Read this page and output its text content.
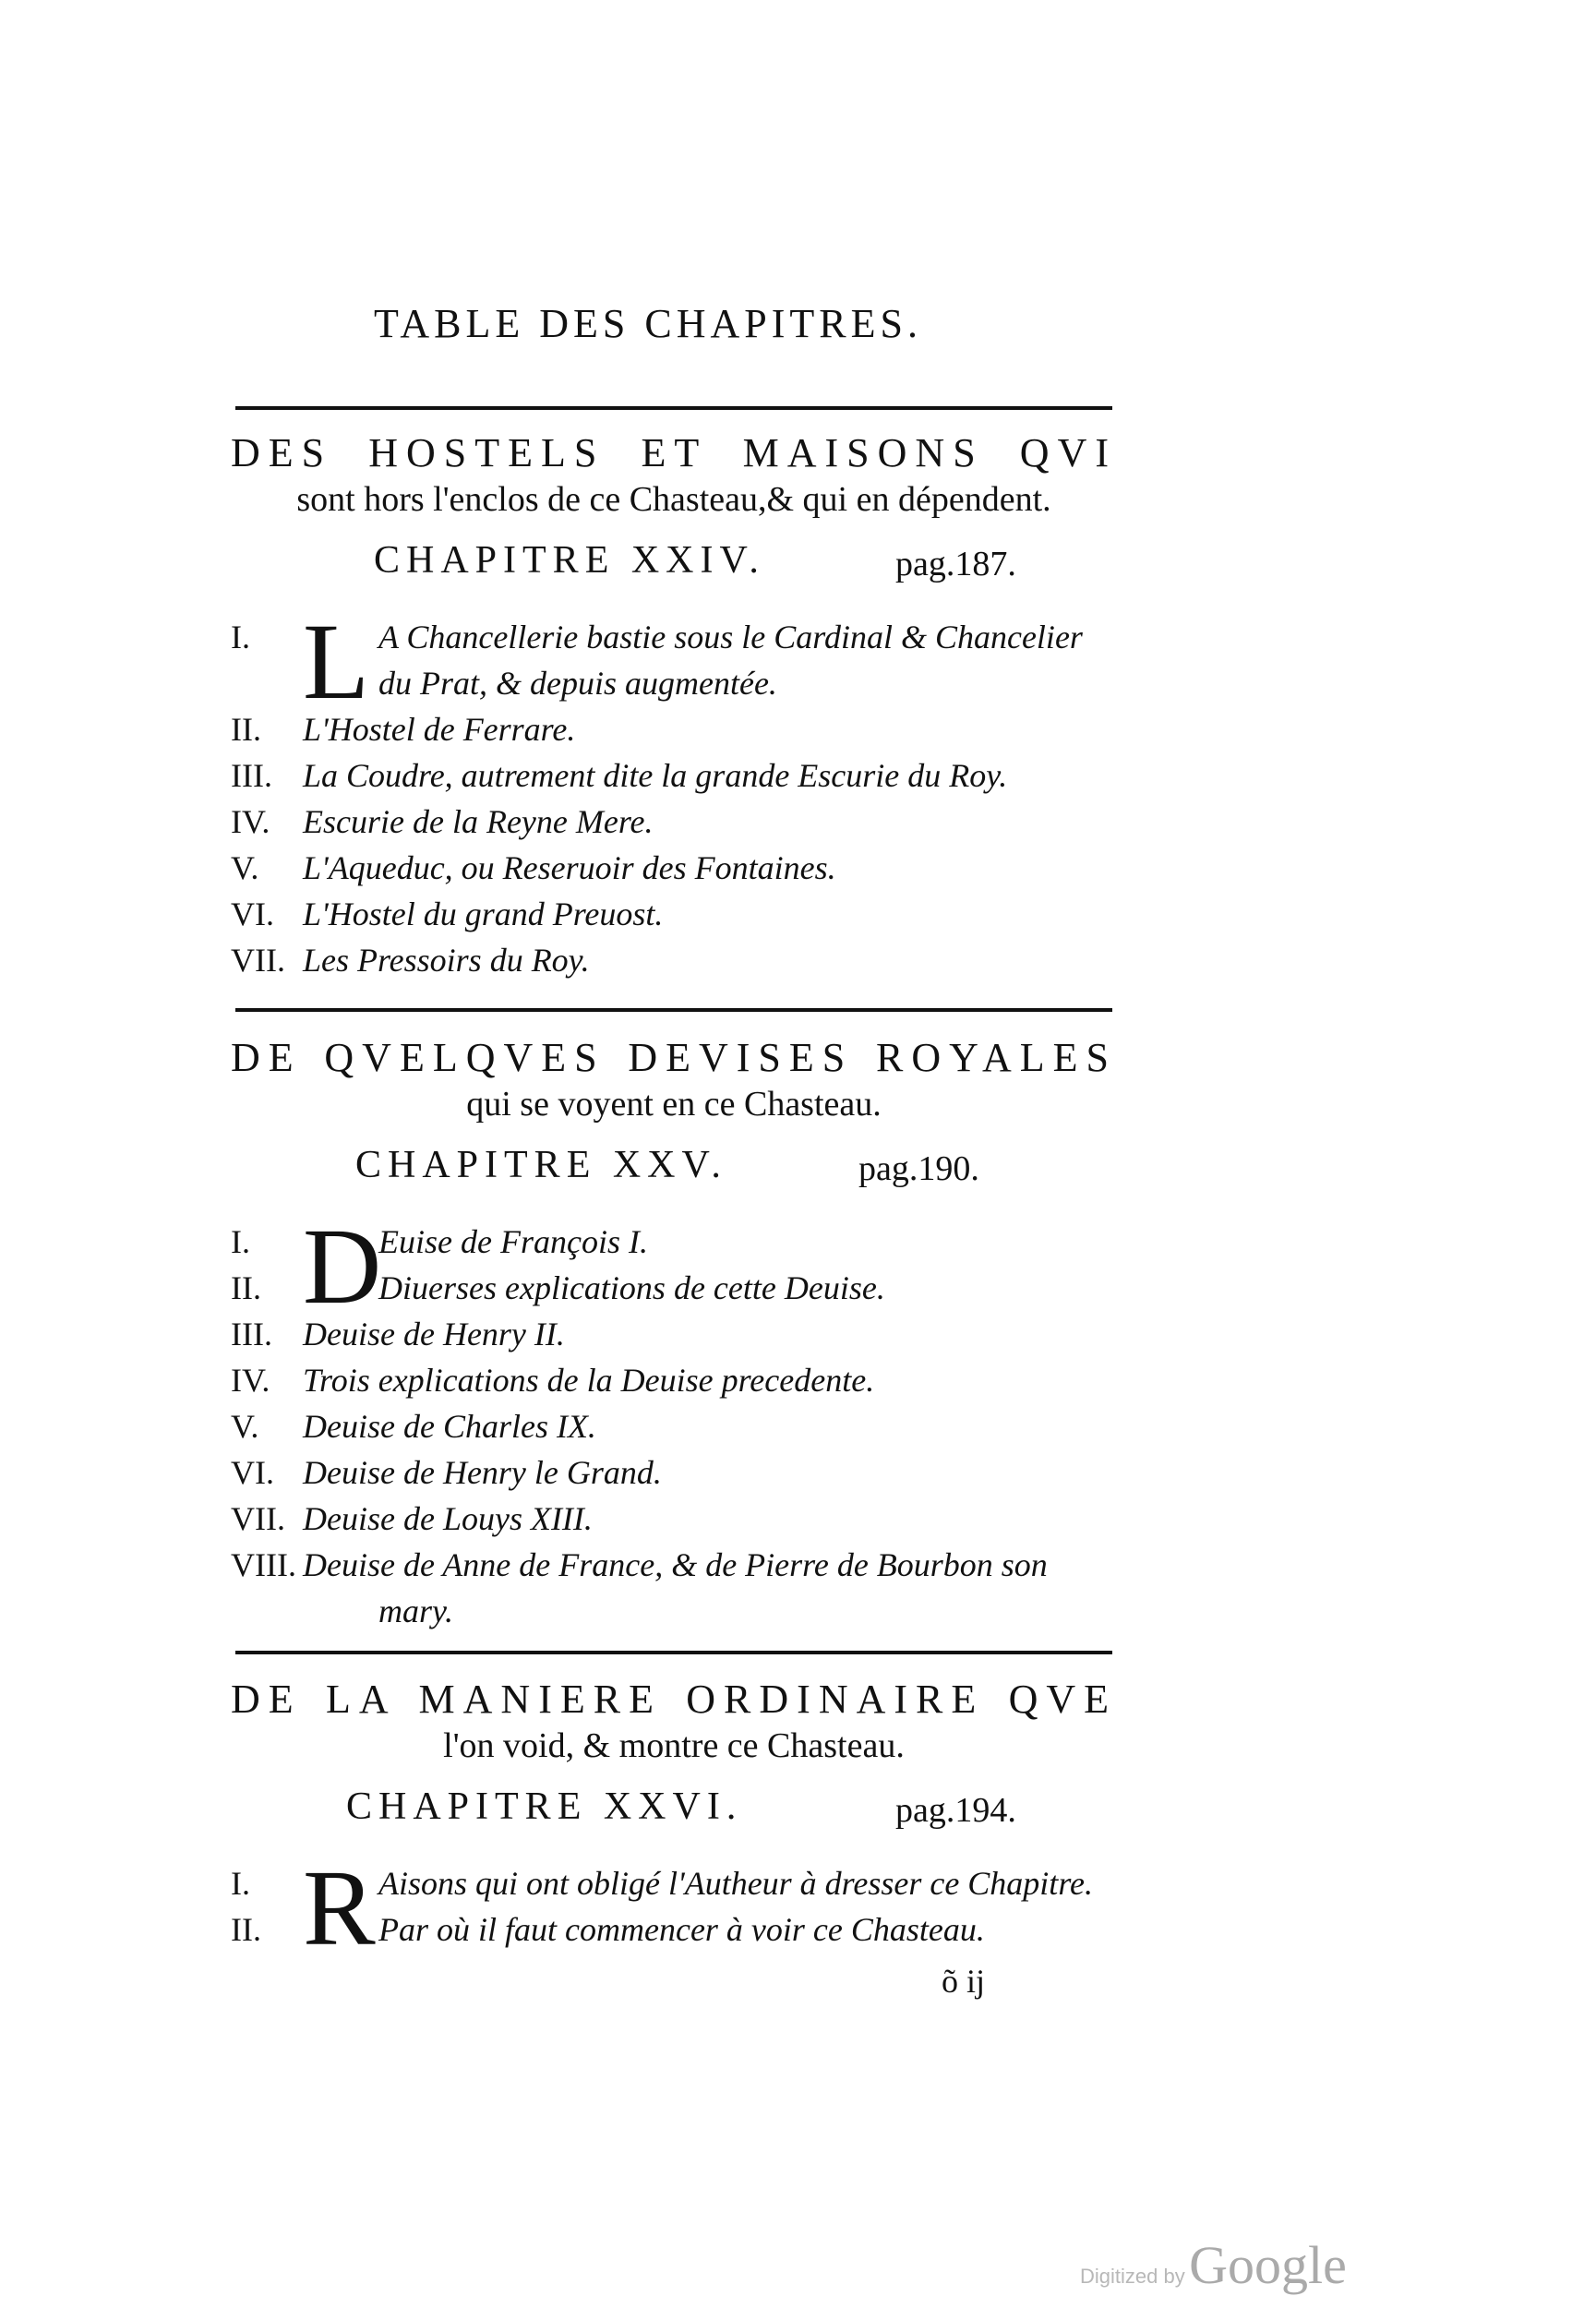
TABLE DES CHAPITRES.

DES HOSTELS ET MAISONS QVI

sont hors l'enclos de ce Chasteau,& qui en dépendent.

CHAPITRE XXIV.	pag.187.
L
I.	A Chancellerie bastie sous le Cardinal & Chancelier
du Prat, & depuis augmentée.
II. L'Hostel de Ferrare.
III. La Coudre, autrement dite la grande Escurie du Roy.
IV. Escurie de la Reyne Mere.
V. L'Aqueduc, ou Reseruoir des Fontaines.
VI. L'Hostel du grand Preuost.
VII. Les Pressoirs du Roy.

DE QVELQVES DEVISES ROYALES

qui se voyent en ce Chasteau.

CHAPITRE XXV.	pag.190.
D
I.	Euise de François I.
II.	Diuerses explications de cette Deuise.
III. Deuise de Henry II.
IV. Trois explications de la Deuise precedente.
V. Deuise de Charles IX.
VI. Deuise de Henry le Grand.
VII. Deuise de Louys XIII.
VIII. Deuise de Anne de France, & de Pierre de Bourbon son
mary.

DE LA MANIERE ORDINAIRE QVE

l'on void, & montre ce Chasteau.

CHAPITRE XXVI.	pag.194.
R
I.	Aisons qui ont obligé l'Autheur à dresser ce Chapitre.
II.	Par où il faut commencer à voir ce Chasteau.
õ ij
Digitized by Google
